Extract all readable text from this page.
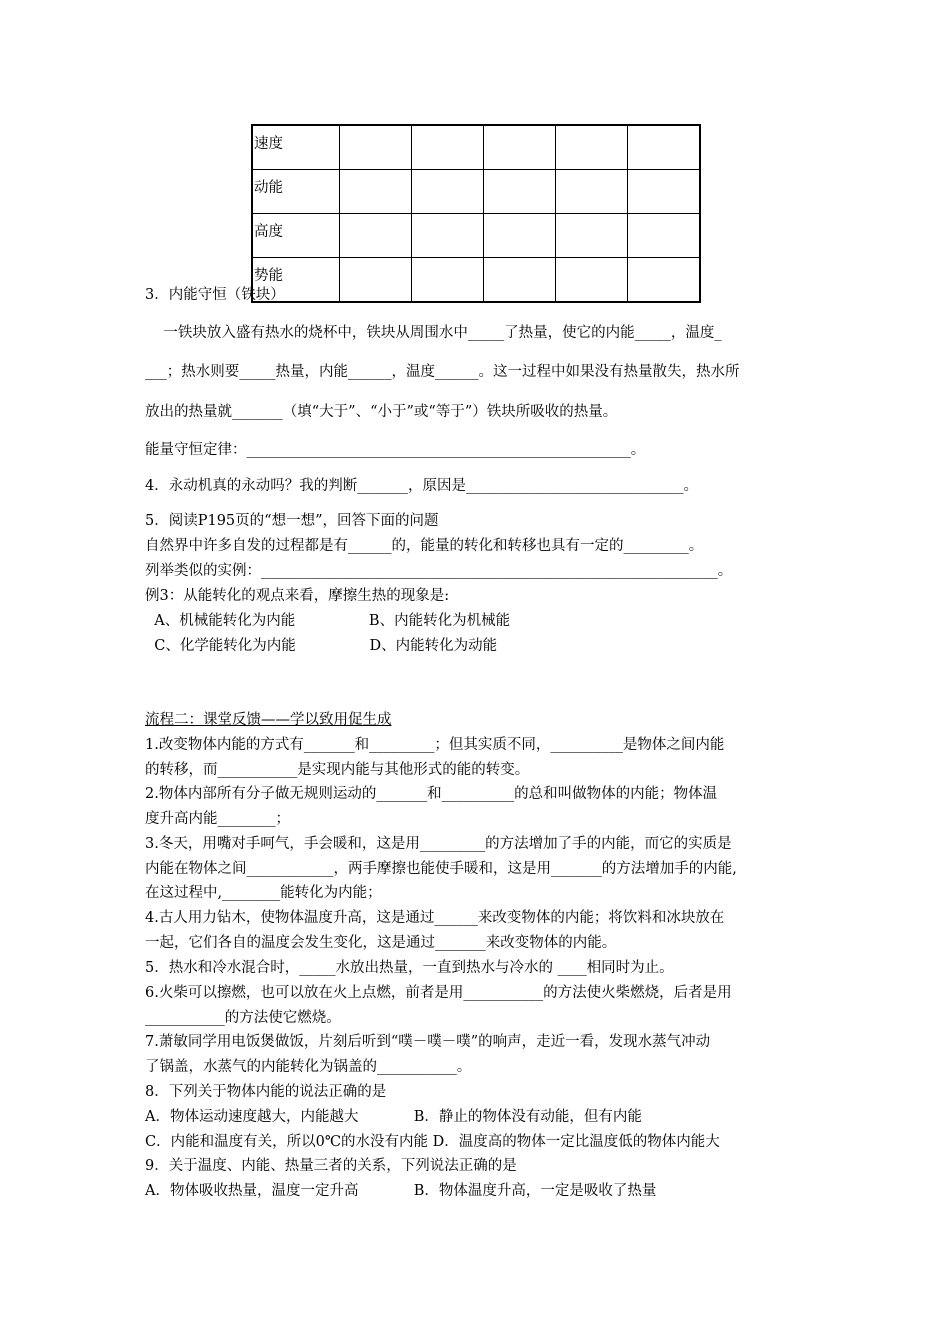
速度					
动能					
高度					
势能					
3．内能守恒（铁块）
一铁块放入盛有热水的烧杯中，铁块从周围水中_____了热量，使它的内能_____，温度_
___；热水则要_____热量，内能______，温度______。这一过程中如果没有热量散失，热水所
放出的热量就_______（填“大于”、“小于”或“等于”）铁块所吸收的热量。
能量守恒定律：_____________________________________________________。
4．永动机真的永动吗？我的判断_______，原因是______________________________。
5．阅读P195页的“想一想”，回答下面的问题
自然界中许多自发的过程都是有______的，能量的转化和转移也具有一定的_________。
列举类似的实例：_______________________________________________________________。
例3：从能转化的观点来看，摩擦生热的现象是:
A、机械能转化为内能                B、内能转化为机械能
C、化学能转化为内能                D、内能转化为动能
流程二：课堂反馈——学以致用促生成
1.改变物体内能的方式有_______和_________；但其实质不同，__________是物体之间内能
的转移，而___________是实现内能与其他形式的能的转变。
2.物体内部所有分子做无规则运动的_______和__________的总和叫做物体的内能；物体温
度升高内能________；
3.冬天，用嘴对手呵气，手会暖和，这是用_________的方法增加了手的内能，而它的实质是
内能在物体之间____________，两手摩擦也能使手暖和，这是用_______的方法增加手的内能,
在这过程中,________能转化为内能；
4.古人用力钻木，使物体温度升高，这是通过______来改变物体的内能；将饮料和冰块放在
一起，它们各自的温度会发生变化，这是通过_______来改变物体的内能。
5．热水和冷水混合时，_____水放出热量，一直到热水与冷水的 ____相同时为止。
6.火柴可以擦燃，也可以放在火上点燃，前者是用___________的方法使火柴燃烧，后者是用
___________的方法使它燃烧。
7.萧敏同学用电饭煲做饭，片刻后听到“噗－噗－噗”的响声，走近一看，发现水蒸气冲动
了锅盖，水蒸气的内能转化为锅盖的___________。
8．下列关于物体内能的说法正确的是
A．物体运动速度越大，内能越大            B．静止的物体没有动能，但有内能
C．内能和温度有关，所以0℃的水没有内能 D．温度高的物体一定比温度低的物体内能大
9．关于温度、内能、热量三者的关系，下列说法正确的是
A．物体吸收热量，温度一定升高            B．物体温度升高，一定是吸收了热量
